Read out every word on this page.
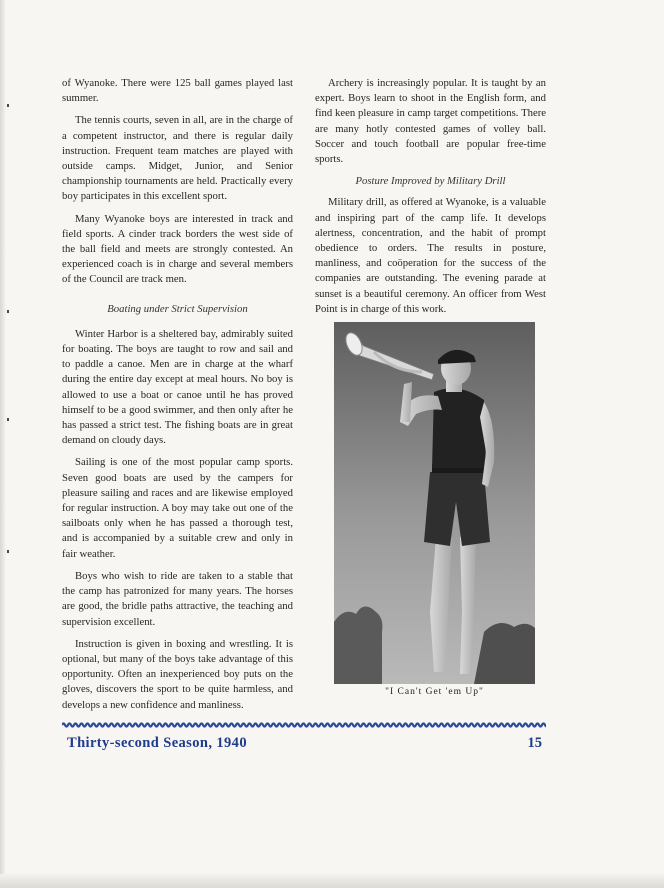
of Wyanoke. There were 125 ball games played last summer.

The tennis courts, seven in all, are in the charge of a competent instructor, and there is regular daily instruction. Frequent team matches are played with outside camps. Midget, Junior, and Senior championship tournaments are held. Practically every boy participates in this excellent sport.

Many Wyanoke boys are interested in track and field sports. A cinder track borders the west side of the ball field and meets are strongly contested. An experienced coach is in charge and several members of the Council are track men.

Boating under Strict Supervision

Winter Harbor is a sheltered bay, admirably suited for boating. The boys are taught to row and sail and to paddle a canoe. Men are in charge at the wharf during the entire day except at meal hours. No boy is allowed to use a boat or canoe until he has proved himself to be a good swimmer, and then only after he has passed a strict test. The fishing boats are in great demand on cloudy days.

Sailing is one of the most popular camp sports. Seven good boats are used by the campers for pleasure sailing and races and are likewise employed for regular instruction. A boy may take out one of the sailboats only when he has passed a thorough test, and is accompanied by a suitable crew and only in fair weather.

Boys who wish to ride are taken to a stable that the camp has patronized for many years. The horses are good, the bridle paths attractive, the teaching and supervision excellent.

Instruction is given in boxing and wrestling. It is optional, but many of the boys take advantage of this opportunity. Often an inexperienced boy puts on the gloves, discovers the sport to be quite harmless, and develops a new confidence and manliness.

Archery is increasingly popular. It is taught by an expert. Boys learn to shoot in the English form, and find keen pleasure in camp target competitions. There are many hotly contested games of volley ball. Soccer and touch football are popular free-time sports.

Posture Improved by Military Drill

Military drill, as offered at Wyanoke, is a valuable and inspiring part of the camp life. It develops alertness, concentration, and the habit of prompt obedience to orders. The results in posture, manliness, and coöperation for the success of the companies are outstanding. The evening parade at sunset is a beautiful ceremony. An officer from West Point is in charge of this work.

"I Can't Get 'em Up"
Thirty-second Season, 1940	15
